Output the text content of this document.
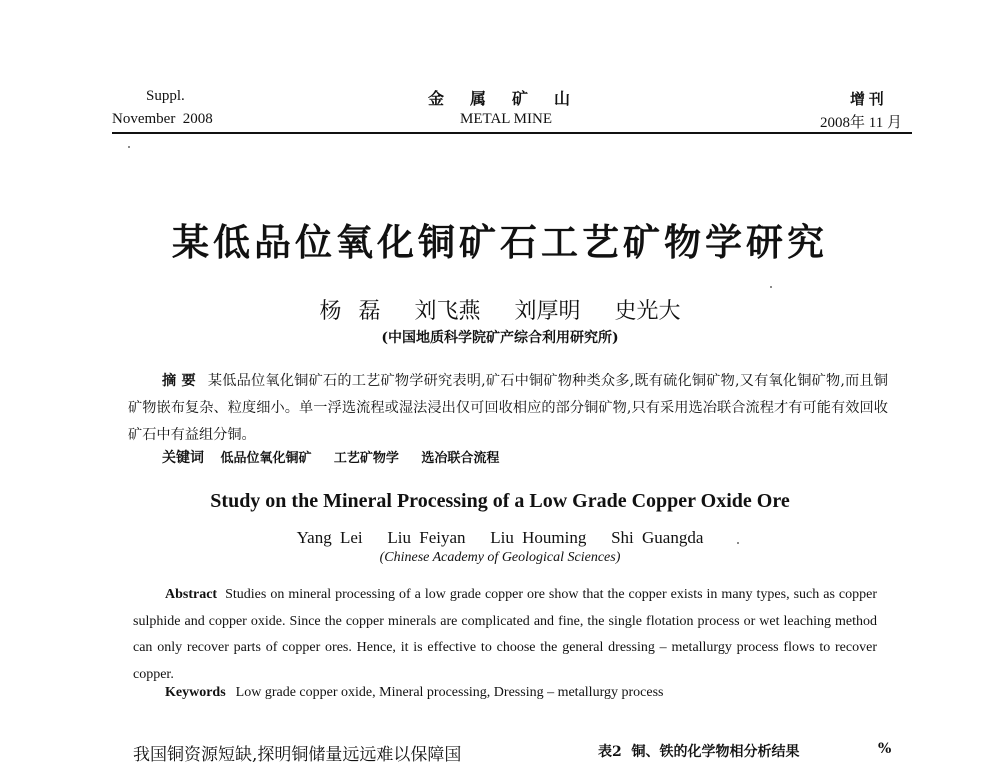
Suppl.
November  2008
金属矿山
METAL MINE
增 刊
2008年 11 月
某低品位氧化铜矿石工艺矿物学研究
杨 磊  刘飞燕  刘厚明  史光大
(中国地质科学院矿产综合利用研究所)
摘 要 某低品位氧化铜矿石的工艺矿物学研究表明,矿石中铜矿物种类众多,既有硫化铜矿物,又有氧化铜矿物,而且铜矿物嵌布复杂、粒度细小。单一浮选流程或湿法浸出仅可回收相应的部分铜矿物,只有采用选冶联合流程才有可能有效回收矿石中有益组分铜。
关键词 低品位氧化铜矿 工艺矿物学 选冶联合流程
Study on the Mineral Processing of a Low Grade Copper Oxide Ore
Yang Lei   Liu Feiyan   Liu Houming   Shi Guangda
(Chinese Academy of Geological Sciences)
Abstract Studies on mineral processing of a low grade copper ore show that the copper exists in many types, such as copper sulphide and copper oxide. Since the copper minerals are complicated and fine, the single flotation process or wet leaching method can only recover parts of copper ores. Hence, it is effective to choose the general dressing – metallurgy process flows to recover copper.
Keywords Low grade copper oxide, Mineral processing, Dressing – metallurgy process
我国铜资源短缺,探明铜储量远远难以保障国	表2  铜、铁的化学物相分析结果	%
